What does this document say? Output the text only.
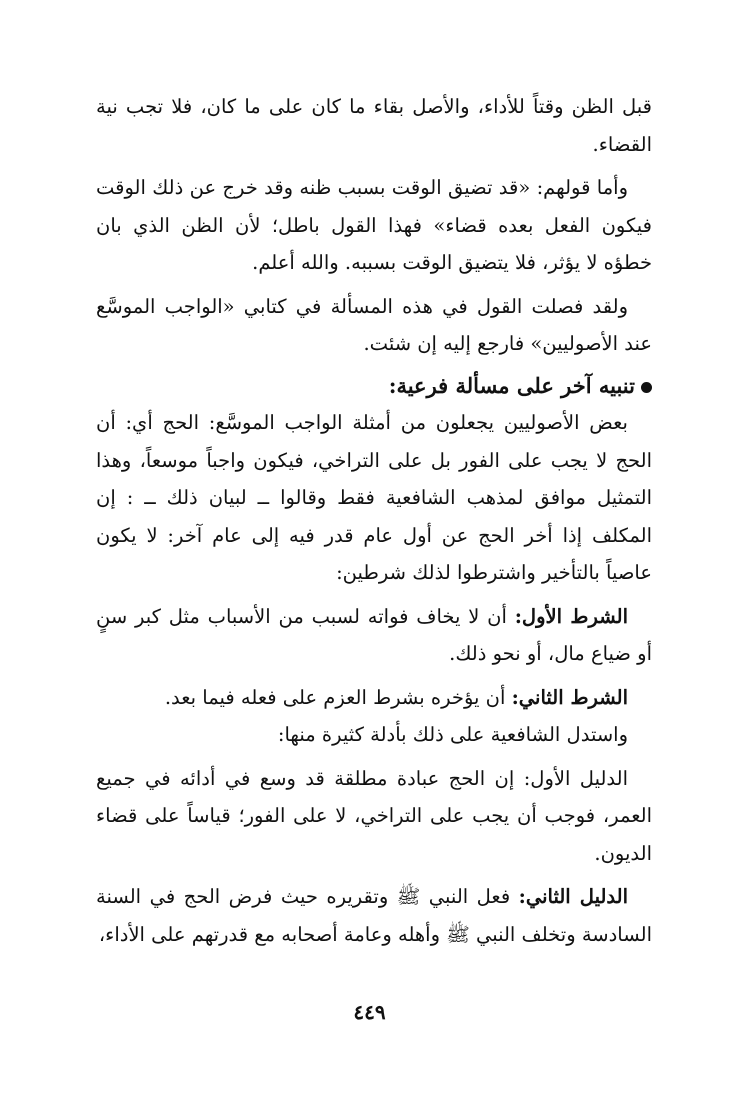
قبل الظن وقتاً للأداء، والأصل بقاء ما كان على ما كان، فلا تجب نية القضاء.

وأما قولهم: «قد تضيق الوقت بسبب ظنه وقد خرج عن ذلك الوقت فيكون الفعل بعده قضاء» فهذا القول باطل؛ لأن الظن الذي بان خطؤه لا يؤثر، فلا يتضيق الوقت بسببه. والله أعلم.

ولقد فصلت القول في هذه المسألة في كتابي «الواجب الموسَّع عند الأصوليين» فارجع إليه إن شئت.

تنبيه آخر على مسألة فرعية:

بعض الأصوليين يجعلون من أمثلة الواجب الموسَّع: الحج أي: أن الحج لا يجب على الفور بل على التراخي، فيكون واجباً موسعاً، وهذا التمثيل موافق لمذهب الشافعية فقط وقالوا ــ لبيان ذلك ــ : إن المكلف إذا أخر الحج عن أول عام قدر فيه إلى عام آخر: لا يكون عاصياً بالتأخير واشترطوا لذلك شرطين:

الشرط الأول: أن لا يخاف فواته لسبب من الأسباب مثل كبر سنٍ أو ضياع مال، أو نحو ذلك.

الشرط الثاني: أن يؤخره بشرط العزم على فعله فيما بعد.

واستدل الشافعية على ذلك بأدلة كثيرة منها:

الدليل الأول: إن الحج عبادة مطلقة قد وسع في أدائه في جميع العمر، فوجب أن يجب على التراخي، لا على الفور؛ قياساً على قضاء الديون.

الدليل الثاني: فعل النبي ﷺ وتقريره حيث فرض الحج في السنة السادسة وتخلف النبي ﷺ وأهله وعامة أصحابه مع قدرتهم على الأداء،

٤٤٩
